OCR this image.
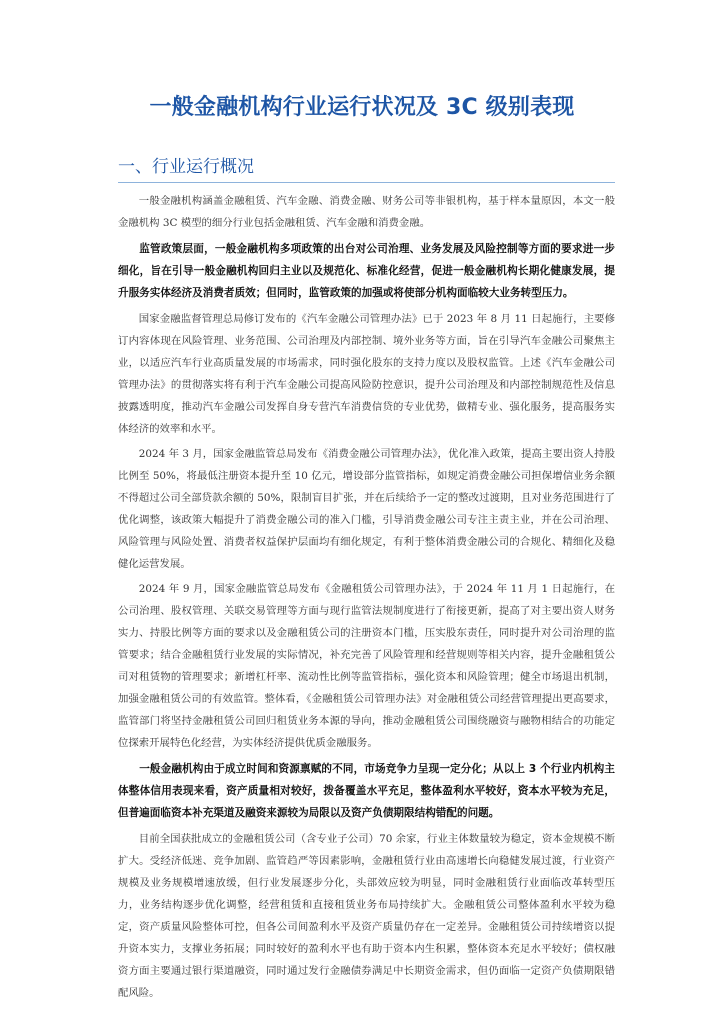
一般金融机构行业运行状况及 3C 级别表现
一、行业运行概况

一般金融机构涵盖金融租赁、汽车金融、消费金融、财务公司等非银机构，基于样本量原因，本文一般金融机构 3C 模型的细分行业包括金融租赁、汽车金融和消费金融。

监管政策层面，一般金融机构多项政策的出台对公司治理、业务发展及风险控制等方面的要求进一步细化，旨在引导一般金融机构回归主业以及规范化、标准化经营，促进一般金融机构长期化健康发展，提升服务实体经济及消费者质效；但同时，监管政策的加强或将使部分机构面临较大业务转型压力。

国家金融监督管理总局修订发布的《汽车金融公司管理办法》已于 2023 年 8 月 11 日起施行，主要修订内容体现在风险管理、业务范围、公司治理及内部控制、境外业务等方面，旨在引导汽车金融公司聚焦主业，以适应汽车行业高质量发展的市场需求，同时强化股东的支持力度以及股权监管。上述《汽车金融公司管理办法》的贯彻落实将有利于汽车金融公司提高风险防控意识，提升公司治理及和内部控制规范性及信息披露透明度，推动汽车金融公司发挥自身专营汽车消费信贷的专业优势，做精专业、强化服务，提高服务实体经济的效率和水平。

2024 年 3 月，国家金融监管总局发布《消费金融公司管理办法》，优化准入政策，提高主要出资人持股比例至 50%，将最低注册资本提升至 10 亿元，增设部分监管指标，如规定消费金融公司担保增信业务余额不得超过公司全部贷款余额的 50%，限制盲目扩张，并在后续给予一定的整改过渡期，且对业务范围进行了优化调整，该政策大幅提升了消费金融公司的准入门槛，引导消费金融公司专注主责主业，并在公司治理、风险管理与风险处置、消费者权益保护层面均有细化规定，有利于整体消费金融公司的合规化、精细化及稳健化运营发展。

2024 年 9 月，国家金融监管总局发布《金融租赁公司管理办法》，于 2024 年 11 月 1 日起施行，在公司治理、股权管理、关联交易管理等方面与现行监管法规制度进行了衔接更新，提高了对主要出资人财务实力、持股比例等方面的要求以及金融租赁公司的注册资本门槛，压实股东责任，同时提升对公司治理的监管要求；结合金融租赁行业发展的实际情况，补充完善了风险管理和经营规则等相关内容，提升金融租赁公司对租赁物的管理要求；新增杠杆率、流动性比例等监管指标，强化资本和风险管理；健全市场退出机制，加强金融租赁公司的有效监管。整体看，《金融租赁公司管理办法》对金融租赁公司经营管理提出更高要求，监管部门将坚持金融租赁公司回归租赁业务本源的导向，推动金融租赁公司围绕融资与融物相结合的功能定位探索开展特色化经营，为实体经济提供优质金融服务。

一般金融机构由于成立时间和资源禀赋的不同，市场竞争力呈现一定分化；从以上 3 个行业内机构主体整体信用表现来看，资产质量相对较好，拨备覆盖水平充足，整体盈利水平较好，资本水平较为充足，但普遍面临资本补充渠道及融资来源较为局限以及资产负债期限结构错配的问题。

目前全国获批成立的金融租赁公司（含专业子公司）70 余家，行业主体数量较为稳定，资本金规模不断扩大。受经济低迷、竞争加剧、监管趋严等因素影响，金融租赁行业由高速增长向稳健发展过渡，行业资产规模及业务规模增速放缓，但行业发展逐步分化，头部效应较为明显，同时金融租赁行业面临改革转型压力，业务结构逐步优化调整，经营租赁和直接租赁业务布局持续扩大。金融租赁公司整体盈利水平较为稳定，资产质量风险整体可控，但各公司间盈利水平及资产质量仍存在一定差异。金融租赁公司持续增资以提升资本实力，支撑业务拓展；同时较好的盈利水平也有助于资本内生积累，整体资本充足水平较好；债权融资方面主要通过银行渠道融资，同时通过发行金融债券满足中长期资金需求，但仍面临一定资产负债期限错配风险。
